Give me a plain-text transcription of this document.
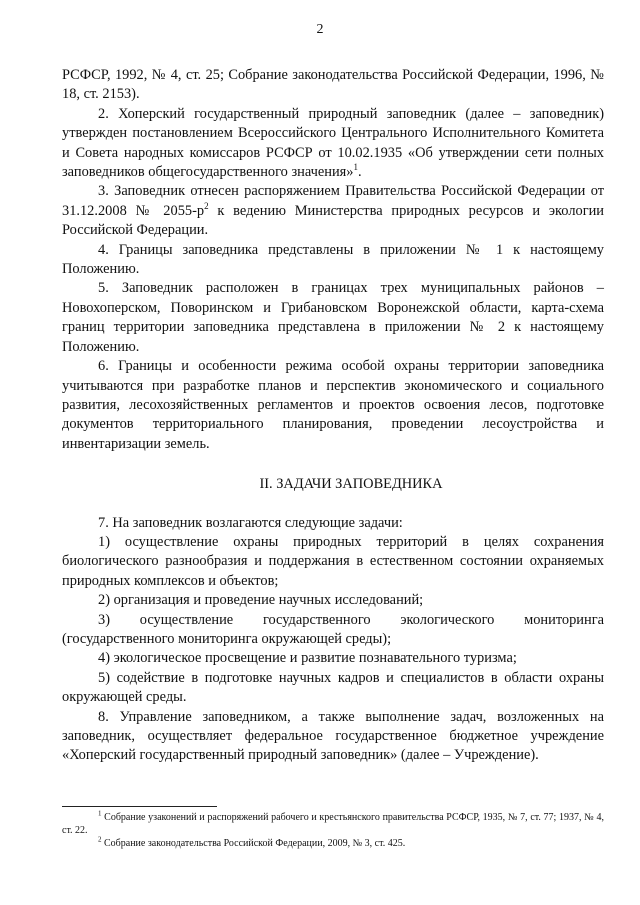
2

РСФСР, 1992, № 4, ст. 25; Собрание законодательства Российской Федерации, 1996, № 18, ст. 2153).

2. Хоперский государственный природный заповедник (далее – заповедник) утвержден постановлением Всероссийского Центрального Исполнительного Комитета и Совета народных комиссаров РСФСР от 10.02.1935 «Об утверждении сети полных заповедников общегосударственного значения»$^1$.

3. Заповедник отнесен распоряжением Правительства Российской Федерации от 31.12.2008 № $2055-р^2$ к ведению Министерства природных ресурсов и экологии Российской Федерации.

4. Границы заповедника представлены в приложении № 1 к настоящему Положению.

5. Заповедник расположен в границах трех муниципальных районов – Новохоперском, Поворинском и Грибановском Воронежской области, карта-схема границ территории заповедника представлена в приложении № 2 к настоящему Положению.

6. Границы и особенности режима особой охраны территории заповедника учитываются при разработке планов и перспектив экономического и социального развития, лесохозяйственных регламентов и проектов освоения лесов, подготовке документов территориального планирования, проведении лесоустройства и инвентаризации земель.

II. ЗАДАЧИ ЗАПОВЕДНИКА

7. На заповедник возлагаются следующие задачи:

1) осуществление охраны природных территорий в целях сохранения биологического разнообразия и поддержания в естественном состоянии охраняемых природных комплексов и объектов;

2) организация и проведение научных исследований;

3) осуществление государственного экологического мониторинга (государственного мониторинга окружающей среды);

4) экологическое просвещение и развитие познавательного туризма;

5) содействие в подготовке научных кадров и специалистов в области охраны окружающей среды.

8. Управление заповедником, а также выполнение задач, возложенных на заповедник, осуществляет федеральное государственное бюджетное учреждение «Хоперский государственный природный заповедник» (далее – Учреждение).

$^1$ Собрание узаконений и распоряжений рабочего и крестьянского правительства РСФСР, 1935, № 7, ст. 77; 1937, № 4, ст. 22.

$^2$ Собрание законодательства Российской Федерации, 2009, № 3, ст. 425.
